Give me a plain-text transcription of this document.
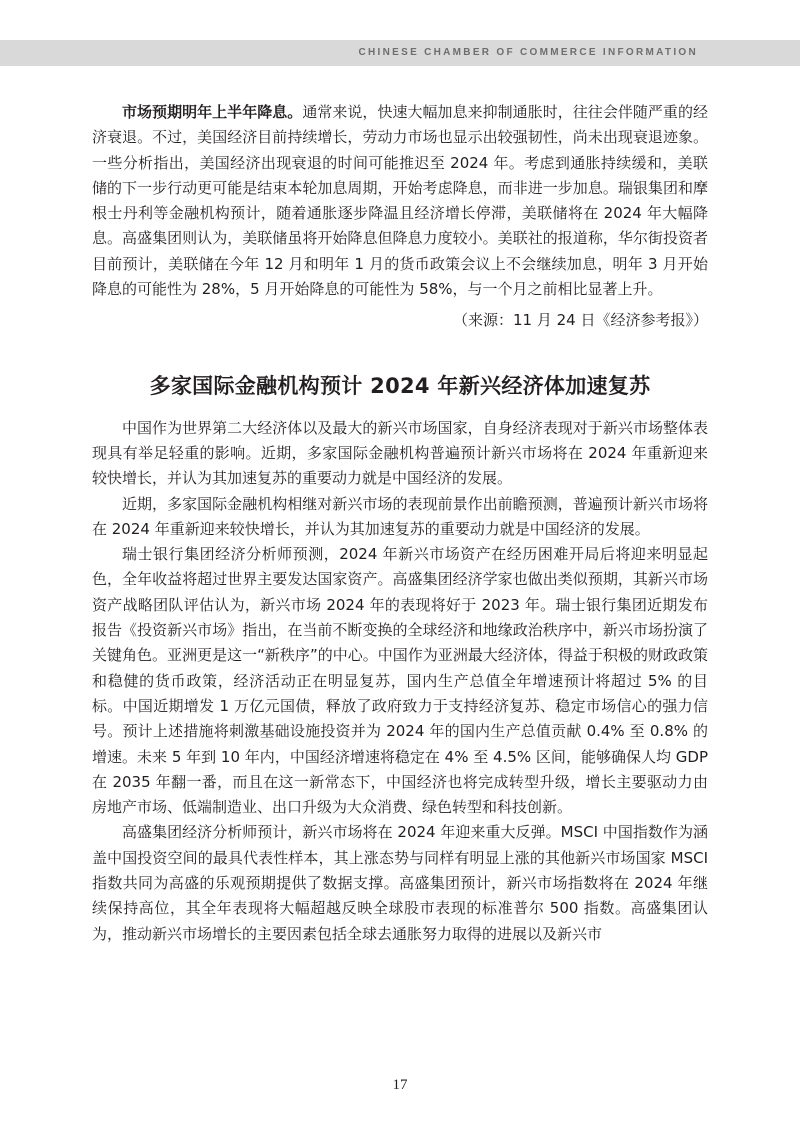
CHINESE CHAMBER OF COMMERCE INFORMATION

市场预期明年上半年降息。通常来说，快速大幅加息来抑制通胀时，往往会伴随严重的经济衰退。不过，美国经济目前持续增长，劳动力市场也显示出较强韧性，尚未出现衰退迹象。一些分析指出，美国经济出现衰退的时间可能推迟至 2024 年。考虑到通胀持续缓和，美联储的下一步行动更可能是结束本轮加息周期，开始考虑降息，而非进一步加息。瑞银集团和摩根士丹利等金融机构预计，随着通胀逐步降温且经济增长停滞，美联储将在 2024 年大幅降息。高盛集团则认为，美联储虽将开始降息但降息力度较小。美联社的报道称，华尔街投资者目前预计，美联储在今年 12 月和明年 1 月的货币政策会议上不会继续加息，明年 3 月开始降息的可能性为 28%，5 月开始降息的可能性为 58%，与一个月之前相比显著上升。

（来源：11 月 24 日《经济参考报》）

多家国际金融机构预计 2024 年新兴经济体加速复苏

中国作为世界第二大经济体以及最大的新兴市场国家，自身经济表现对于新兴市场整体表现具有举足轻重的影响。近期，多家国际金融机构普遍预计新兴市场将在 2024 年重新迎来较快增长，并认为其加速复苏的重要动力就是中国经济的发展。

近期，多家国际金融机构相继对新兴市场的表现前景作出前瞻预测，普遍预计新兴市场将在 2024 年重新迎来较快增长，并认为其加速复苏的重要动力就是中国经济的发展。

瑞士银行集团经济分析师预测，2024 年新兴市场资产在经历困难开局后将迎来明显起色，全年收益将超过世界主要发达国家资产。高盛集团经济学家也做出类似预期，其新兴市场资产战略团队评估认为，新兴市场 2024 年的表现将好于 2023 年。瑞士银行集团近期发布报告《投资新兴市场》指出，在当前不断变换的全球经济和地缘政治秩序中，新兴市场扮演了关键角色。亚洲更是这一“新秩序”的中心。中国作为亚洲最大经济体，得益于积极的财政政策和稳健的货币政策，经济活动正在明显复苏，国内生产总值全年增速预计将超过 5% 的目标。中国近期增发 1 万亿元国债，释放了政府致力于支持经济复苏、稳定市场信心的强力信号。预计上述措施将刺激基础设施投资并为 2024 年的国内生产总值贡献 0.4% 至 0.8% 的增速。未来 5 年到 10 年内，中国经济增速将稳定在 4% 至 4.5% 区间，能够确保人均 GDP 在 2035 年翻一番，而且在这一新常态下，中国经济也将完成转型升级，增长主要驱动力由房地产市场、低端制造业、出口升级为大众消费、绿色转型和科技创新。

高盛集团经济分析师预计，新兴市场将在 2024 年迎来重大反弹。MSCI 中国指数作为涵盖中国投资空间的最具代表性样本，其上涨态势与同样有明显上涨的其他新兴市场国家 MSCI 指数共同为高盛的乐观预期提供了数据支撑。高盛集团预计，新兴市场指数将在 2024 年继续保持高位，其全年表现将大幅超越反映全球股市表现的标准普尔 500 指数。高盛集团认为，推动新兴市场增长的主要因素包括全球去通胀努力取得的进展以及新兴市

17
